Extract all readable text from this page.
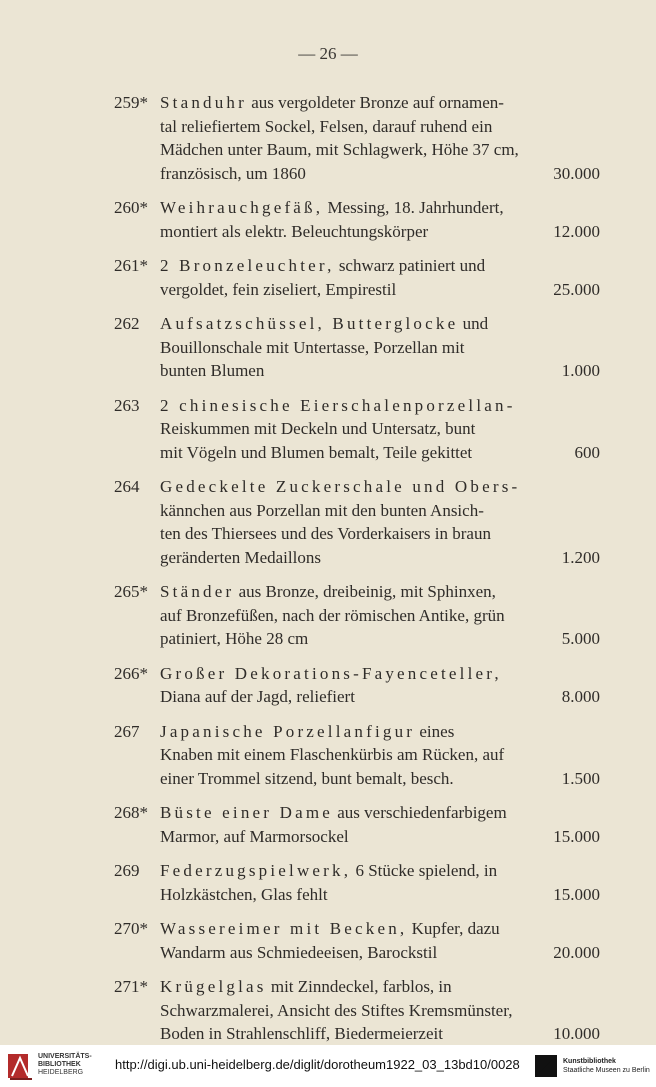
— 26 —
259* Standuhr aus vergoldeter Bronze auf ornamen-
tal reliefiertem Sockel, Felsen, darauf ruhend ein
Mädchen unter Baum, mit Schlagwerk, Höhe 37 cm,
französisch, um 1860	30.000
260* Weihrauchgefäß, Messing, 18. Jahrhundert,
montiert als elektr. Beleuchtungskörper	12.000
261* 2 Bronzeleuchter, schwarz patiniert und
vergoldet, fein ziseliert, Empirestil	25.000
262 Aufsatzschüssel, Butterglocke und
Bouillonschale mit Untertasse, Porzellan mit
bunten Blumen	1.000
263 2 chinesische Eierschalenporzellan-
Reiskummen mit Deckeln und Untersatz, bunt
mit Vögeln und Blumen bemalt, Teile gekittet	600
264 Gedeckelte Zuckerschale und Obers-
kännchen aus Porzellan mit den bunten Ansich-
ten des Thiersees und des Vorderkaisers in braun
geränderten Medaillons	1.200
265* Ständer aus Bronze, dreibeinig, mit Sphinxen,
auf Bronzefüßen, nach der römischen Antike, grün
patiniert, Höhe 28 cm	5.000
266* Großer Dekorations-Fayenceteller,
Diana auf der Jagd, reliefiert	8.000
267 Japanische Porzellanfigur eines
Knaben mit einem Flaschenkürbis am Rücken, auf
einer Trommel sitzend, bunt bemalt, besch.	1.500
268* Büste einer Dame aus verschiedenfarbigem
Marmor, auf Marmorsockel	15.000
269 Federzugspielwerk, 6 Stücke spielend, in
Holzkästchen, Glas fehlt	15.000
270* Wassereimer mit Becken, Kupfer, dazu
Wandarm aus Schmiedeeisen, Barockstil	20.000
271* Krügelglas mit Zinndeckel, farblos, in
Schwarzmalerei, Ansicht des Stiftes Kremsmünster,
Boden in Strahlenschliff, Biedermeierzeit	10.000
UNIVERSITÄTS-
BIBLIOTHEK
HEIDELBERG
http://digi.ub.uni-heidelberg.de/diglit/dorotheum1922_03_13bd10/0028	Kunstbibliothek
Staatliche Museen zu Berlin
